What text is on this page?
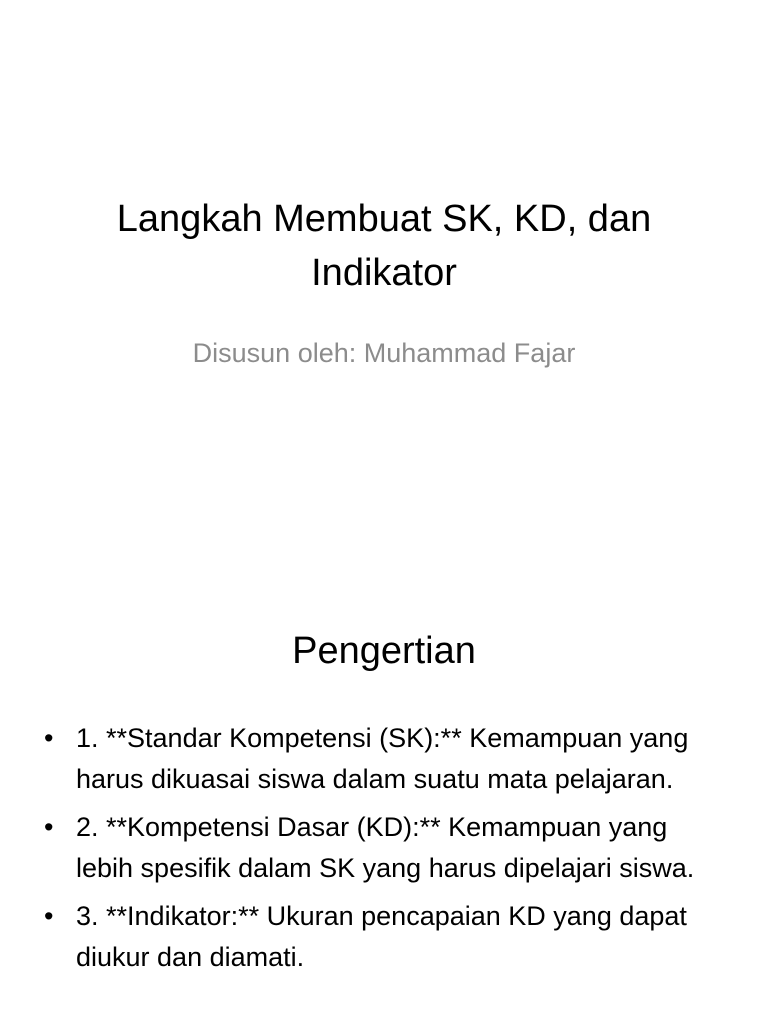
Langkah Membuat SK, KD, dan Indikator

Disusun oleh: Muhammad Fajar

Pengertian
• 1. **Standar Kompetensi (SK):** Kemampuan yang harus dikuasai siswa dalam suatu mata pelajaran.
• 2. **Kompetensi Dasar (KD):** Kemampuan yang lebih spesifik dalam SK yang harus dipelajari siswa.
• 3. **Indikator:** Ukuran pencapaian KD yang dapat diukur dan diamati.
